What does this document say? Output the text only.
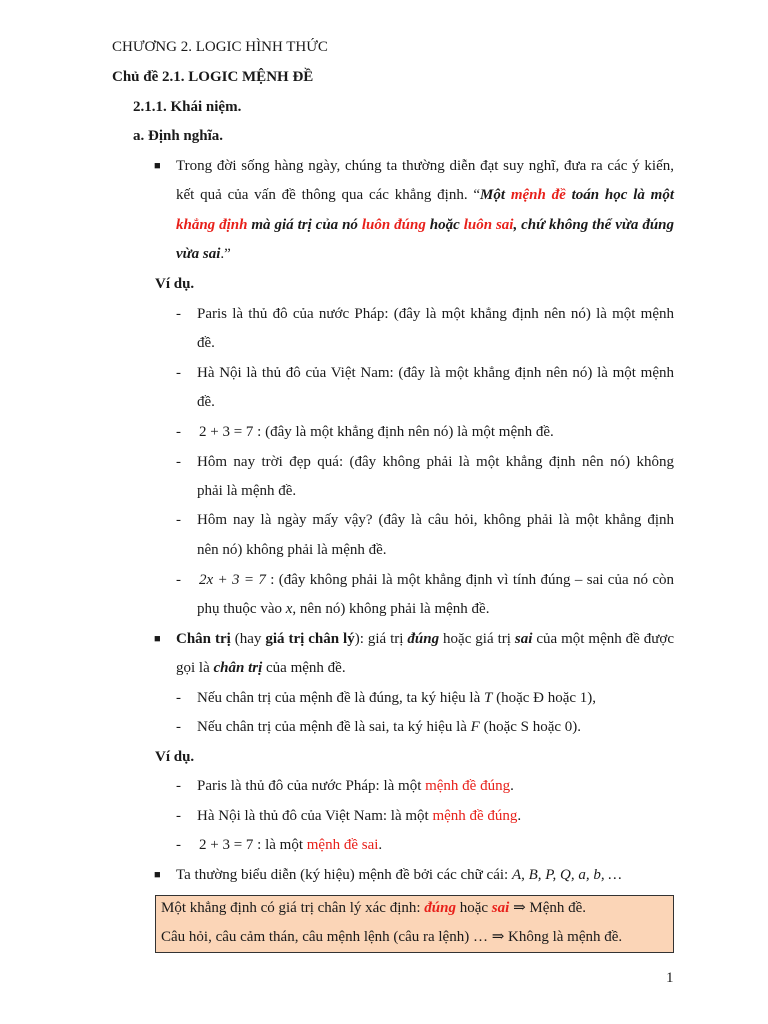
CHƯƠNG 2. LOGIC HÌNH THỨC
Chủ đề 2.1. LOGIC MỆNH ĐỀ
2.1.1. Khái niệm.
a. Định nghĩa.
■ Trong đời sống hàng ngày, chúng ta thường diễn đạt suy nghĩ, đưa ra các ý kiến,
kết quả của vấn đề thông qua các khẳng định. “Một mệnh đề toán học là một
khẳng định mà giá trị của nó luôn đúng hoặc luôn sai, chứ không thể vừa đúng
vừa sai.”
Ví dụ.
- Paris là thủ đô của nước Pháp: (đây là một khẳng định nên nó) là một mệnh
đề.
- Hà Nội là thủ đô của Việt Nam: (đây là một khẳng định nên nó) là một mệnh
đề.
- 2 + 3 = 7 : (đây là một khẳng định nên nó) là một mệnh đề.
- Hôm nay trời đẹp quá: (đây không phải là một khẳng định nên nó) không
phải là mệnh đề.
- Hôm nay là ngày mấy vậy? (đây là câu hỏi, không phải là một khẳng định
nên nó) không phải là mệnh đề.
- 2x + 3 = 7 : (đây không phải là một khẳng định vì tính đúng – sai của nó còn
phụ thuộc vào x, nên nó) không phải là mệnh đề.
■ Chân trị (hay giá trị chân lý): giá trị đúng hoặc giá trị sai của một mệnh đề được
gọi là chân trị của mệnh đề.
- Nếu chân trị của mệnh đề là đúng, ta ký hiệu là T (hoặc Đ hoặc 1),
- Nếu chân trị của mệnh đề là sai, ta ký hiệu là F (hoặc S hoặc 0).
Ví dụ.
- Paris là thủ đô của nước Pháp: là một mệnh đề đúng.
- Hà Nội là thủ đô của Việt Nam: là một mệnh đề đúng.
- 2 + 3 = 7 : là một mệnh đề sai.
■ Ta thường biểu diễn (ký hiệu) mệnh đề bởi các chữ cái: A, B, P, Q, a, b, …
Một khẳng định có giá trị chân lý xác định: đúng hoặc sai ⇒ Mệnh đề.
Câu hỏi, câu cảm thán, câu mệnh lệnh (câu ra lệnh) … ⇒ Không là mệnh đề.
1
